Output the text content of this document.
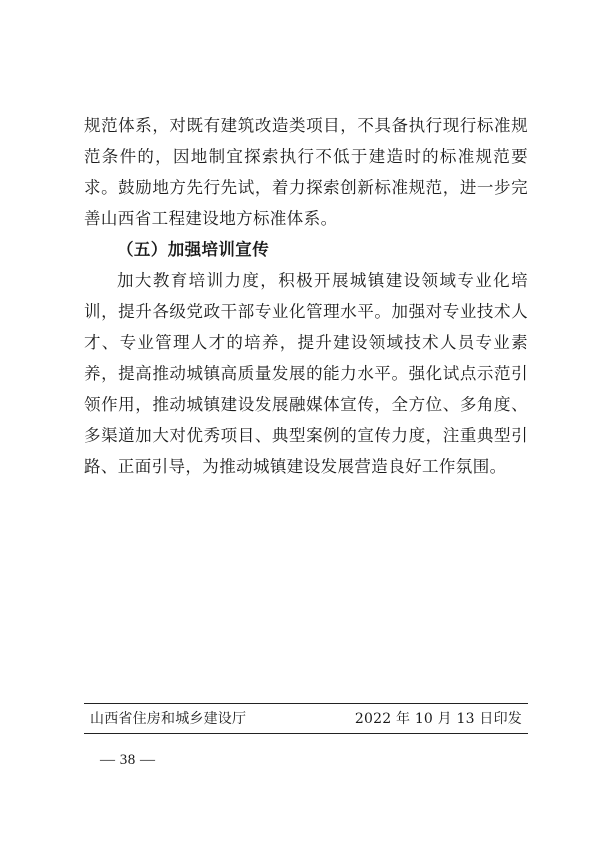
规范体系，对既有建筑改造类项目，不具备执行现行标准规范条件的，因地制宜探索执行不低于建造时的标准规范要求。鼓励地方先行先试，着力探索创新标准规范，进一步完善山西省工程建设地方标准体系。

（五）加强培训宣传

加大教育培训力度，积极开展城镇建设领域专业化培训，提升各级党政干部专业化管理水平。加强对专业技术人才、专业管理人才的培养，提升建设领域技术人员专业素养，提高推动城镇高质量发展的能力水平。强化试点示范引领作用，推动城镇建设发展融媒体宣传，全方位、多角度、多渠道加大对优秀项目、典型案例的宣传力度，注重典型引路、正面引导，为推动城镇建设发展营造良好工作氛围。

山西省住房和城乡建设厅	2022 年 10 月 13 日印发
— 38 —
